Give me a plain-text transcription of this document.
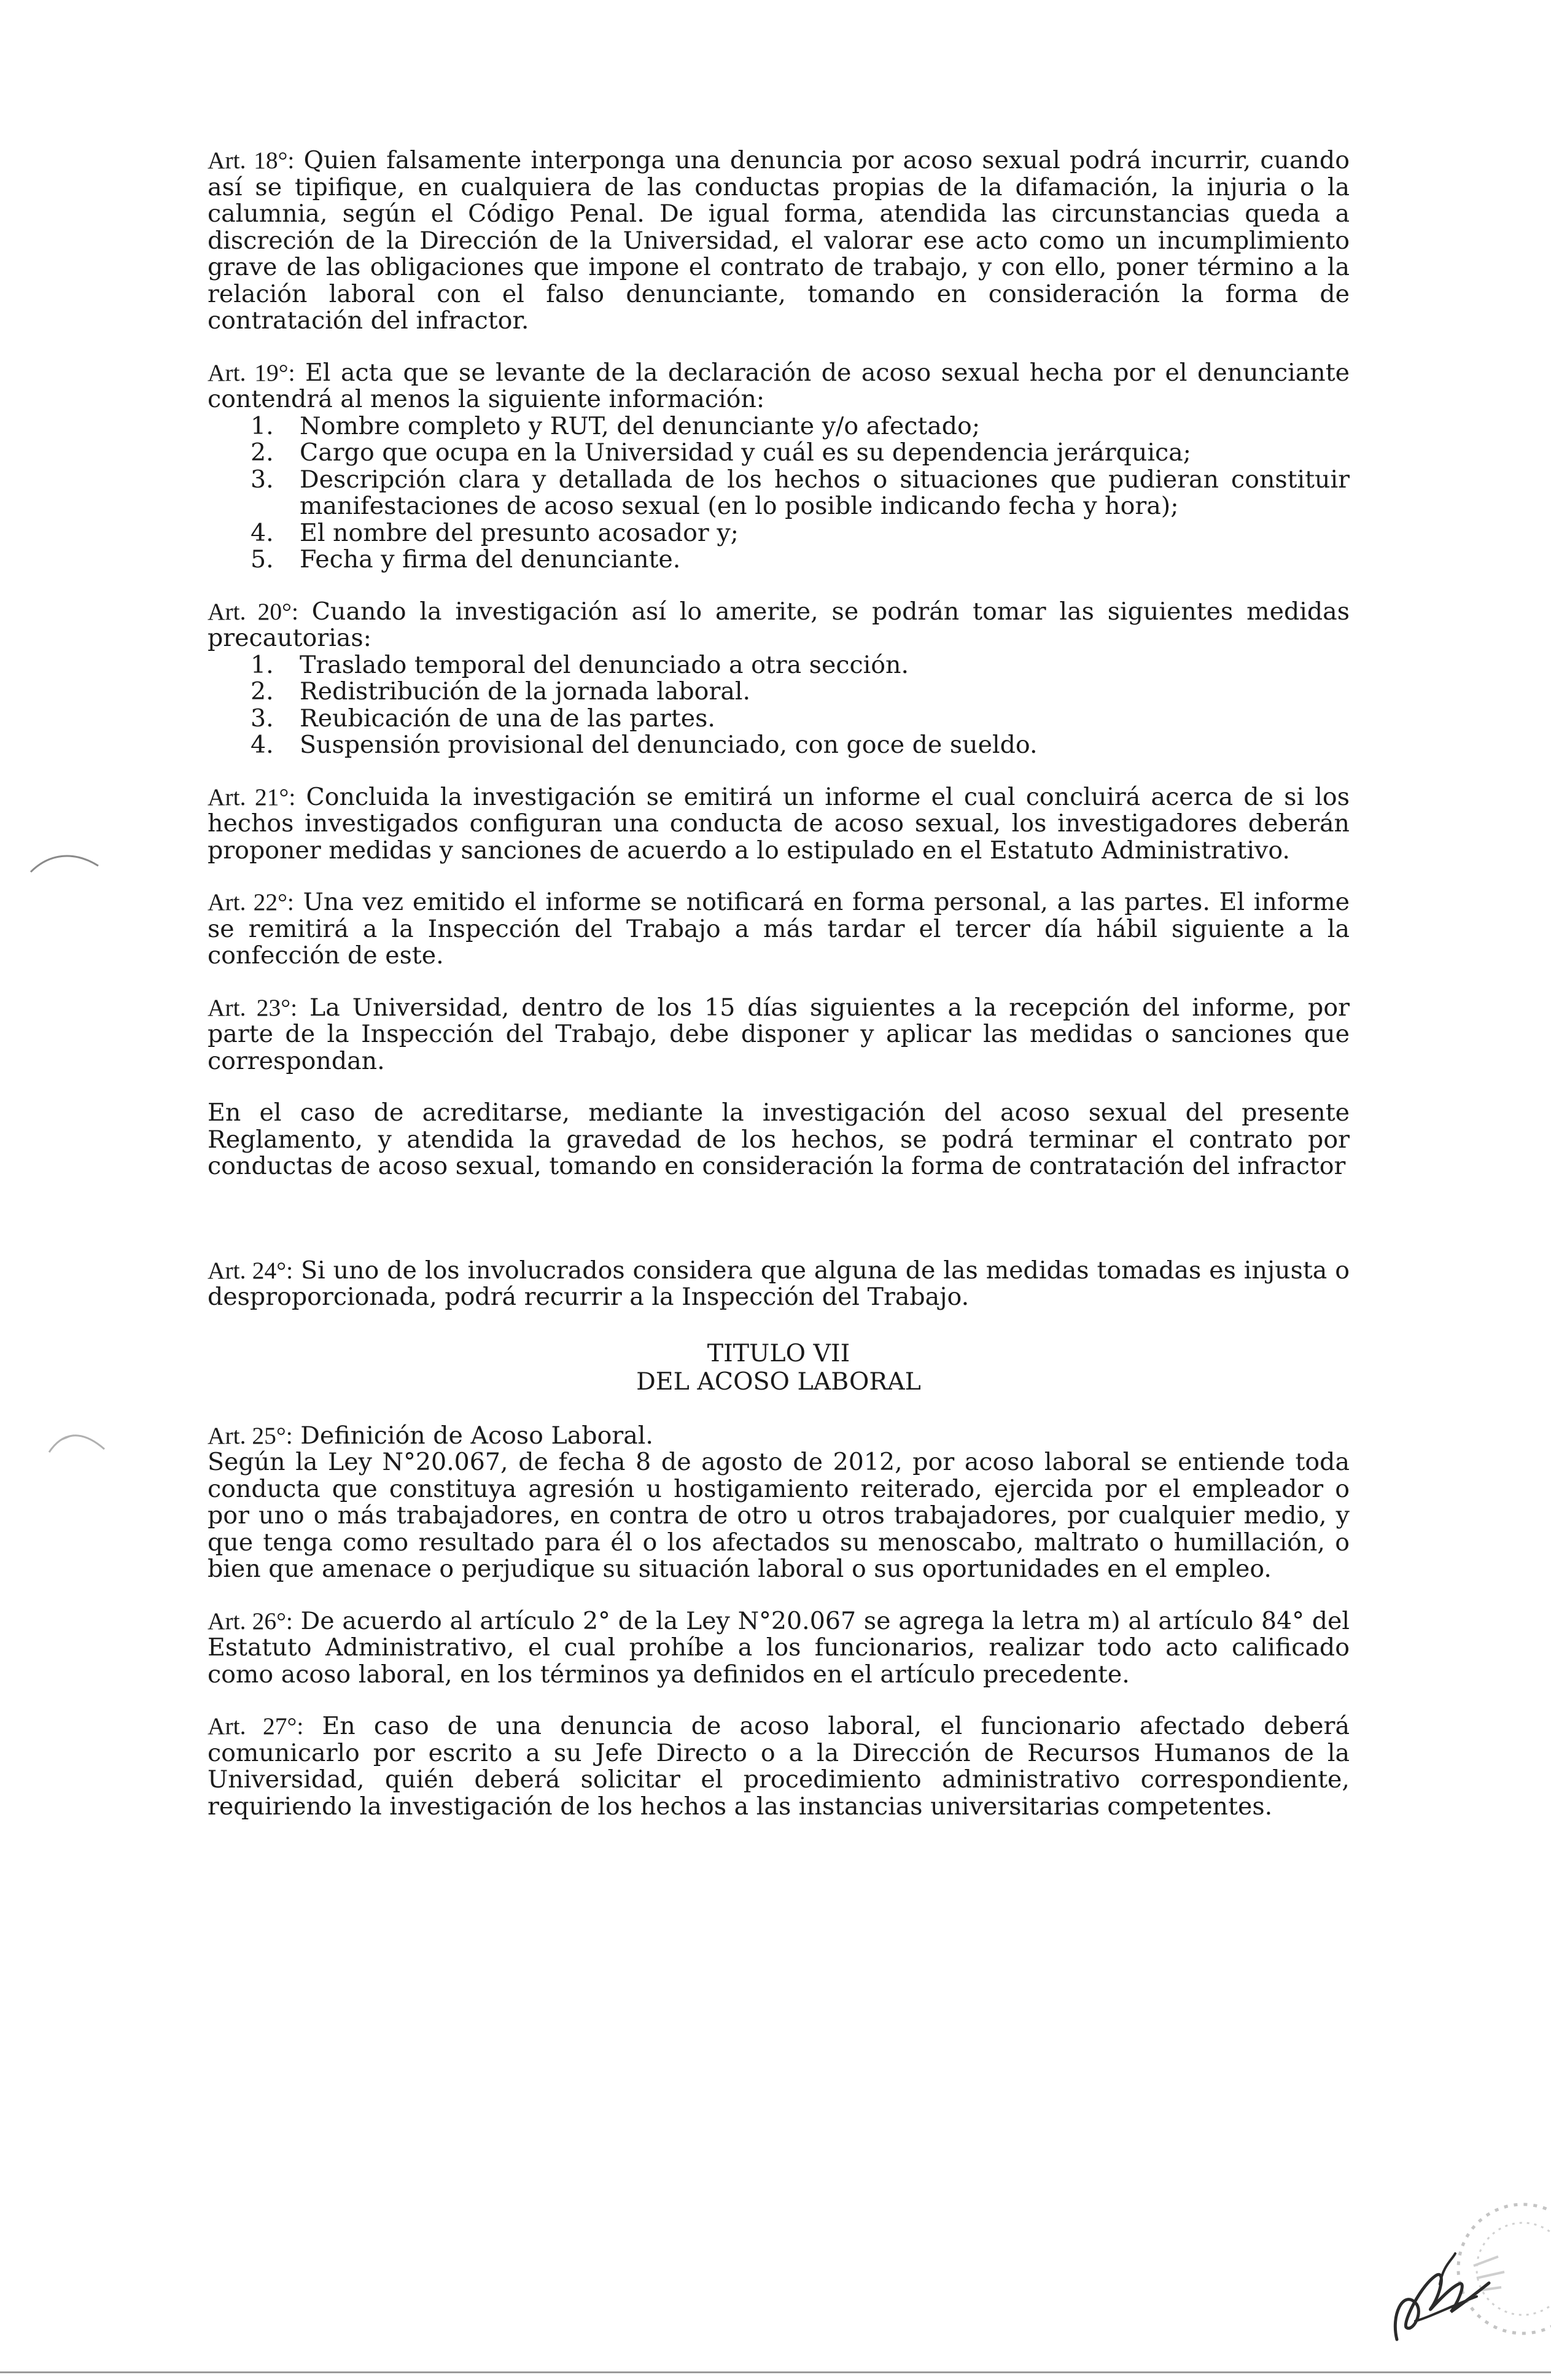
Art. 18°: Quien falsamente interponga una denuncia por acoso sexual podrá incurrir, cuando así se tipifique, en cualquiera de las conductas propias de la difamación, la injuria o la calumnia, según el Código Penal. De igual forma, atendida las circunstancias queda a discreción de la Dirección de la Universidad, el valorar ese acto como un incumplimiento grave de las obligaciones que impone el contrato de trabajo, y con ello, poner término a la relación laboral con el falso denunciante, tomando en consideración la forma de contratación del infractor.

Art. 19°: El acta que se levante de la declaración de acoso sexual hecha por el denunciante contendrá al menos la siguiente información:
1. Nombre completo y RUT, del denunciante y/o afectado;
2. Cargo que ocupa en la Universidad y cuál es su dependencia jerárquica;
3. Descripción clara y detallada de los hechos o situaciones que pudieran constituir manifestaciones de acoso sexual (en lo posible indicando fecha y hora);
4. El nombre del presunto acosador y;
5. Fecha y firma del denunciante.
Art. 20°: Cuando la investigación así lo amerite, se podrán tomar las siguientes medidas precautorias:
1. Traslado temporal del denunciado a otra sección.
2. Redistribución de la jornada laboral.
3. Reubicación de una de las partes.
4. Suspensión provisional del denunciado, con goce de sueldo.

Art. 21°: Concluida la investigación se emitirá un informe el cual concluirá acerca de si los hechos investigados configuran una conducta de acoso sexual, los investigadores deberán proponer medidas y sanciones de acuerdo a lo estipulado en el Estatuto Administrativo.

Art. 22°: Una vez emitido el informe se notificará en forma personal, a las partes. El informe se remitirá a la Inspección del Trabajo a más tardar el tercer día hábil siguiente a la confección de este.

Art. 23°: La Universidad, dentro de los 15 días siguientes a la recepción del informe, por parte de la Inspección del Trabajo, debe disponer y aplicar las medidas o sanciones que correspondan.

En el caso de acreditarse, mediante la investigación del acoso sexual del presente Reglamento, y atendida la gravedad de los hechos, se podrá terminar el contrato por conductas de acoso sexual, tomando en consideración la forma de contratación del infractor

Art. 24°: Si uno de los involucrados considera que alguna de las medidas tomadas es injusta o desproporcionada, podrá recurrir a la Inspección del Trabajo.

TITULO VII
DEL ACOSO LABORAL
Art. 25°: Definición de Acoso Laboral.
Según la Ley N°20.067, de fecha 8 de agosto de 2012, por acoso laboral se entiende toda conducta que constituya agresión u hostigamiento reiterado, ejercida por el empleador o por uno o más trabajadores, en contra de otro u otros trabajadores, por cualquier medio, y que tenga como resultado para él o los afectados su menoscabo, maltrato o humillación, o bien que amenace o perjudique su situación laboral o sus oportunidades en el empleo.

Art. 26°: De acuerdo al artículo 2° de la Ley N°20.067 se agrega la letra m) al artículo 84° del Estatuto Administrativo, el cual prohíbe a los funcionarios, realizar todo acto calificado como acoso laboral, en los términos ya definidos en el artículo precedente.

Art. 27°: En caso de una denuncia de acoso laboral, el funcionario afectado deberá comunicarlo por escrito a su Jefe Directo o a la Dirección de Recursos Humanos de la Universidad, quién deberá solicitar el procedimiento administrativo correspondiente, requiriendo la investigación de los hechos a las instancias universitarias competentes.
